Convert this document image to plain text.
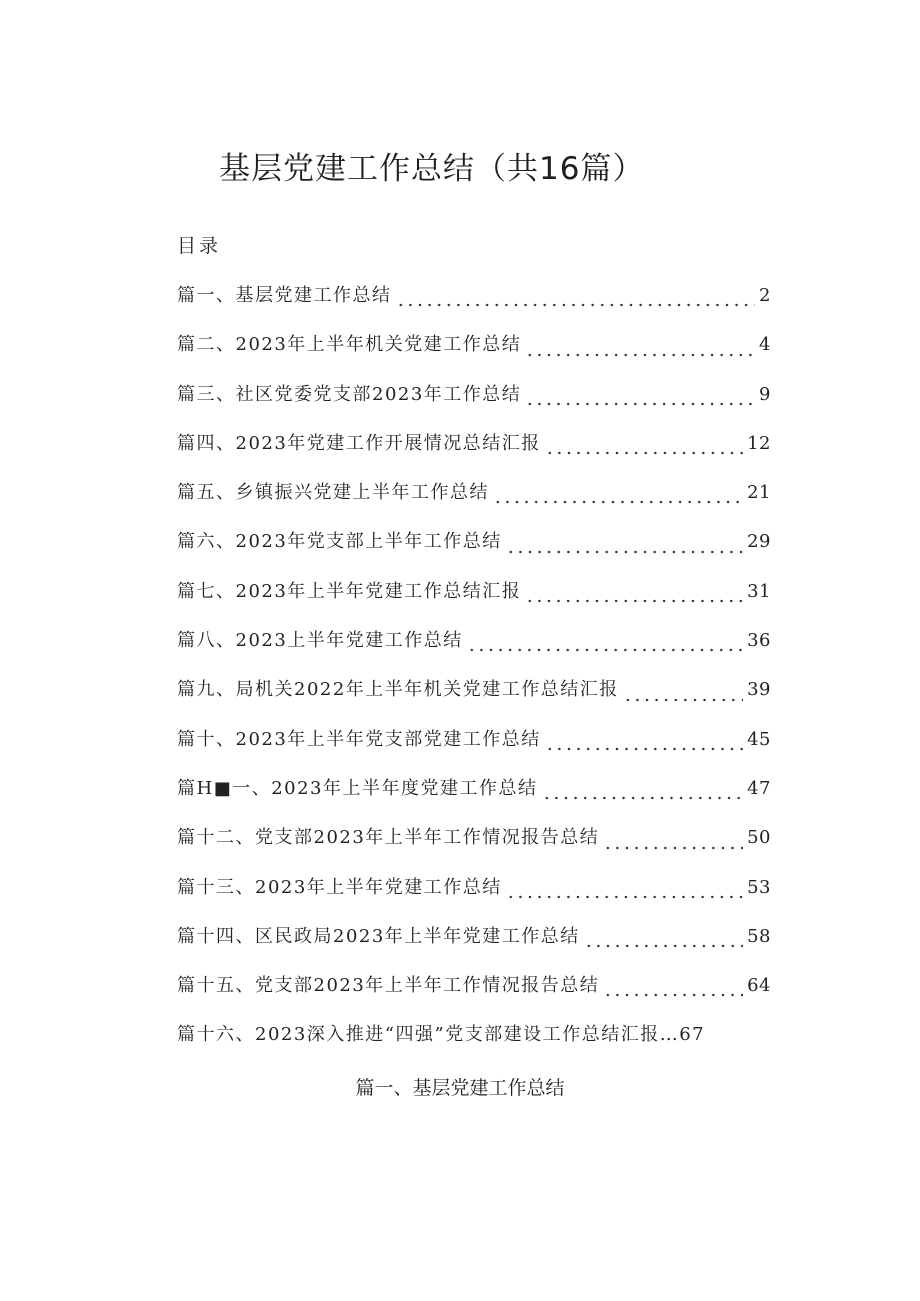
基层党建工作总结（共16篇）
目录
篇一、基层党建工作总结	2
篇二、2023年上半年机关党建工作总结	4
篇三、社区党委党支部2023年工作总结	9
篇四、2023年党建工作开展情况总结汇报	12
篇五、乡镇振兴党建上半年工作总结	21
篇六、2023年党支部上半年工作总结	29
篇七、2023年上半年党建工作总结汇报	31
篇八、2023上半年党建工作总结	36
篇九、局机关2022年上半年机关党建工作总结汇报	39
篇十、2023年上半年党支部党建工作总结	45
篇H■一、2023年上半年度党建工作总结	47
篇十二、党支部2023年上半年工作情况报告总结	50
篇十三、2023年上半年党建工作总结	53
篇十四、区民政局2023年上半年党建工作总结	58
篇十五、党支部2023年上半年工作情况报告总结	64
篇十六、2023深入推进“四强”党支部建设工作总结汇报…67
篇一、基层党建工作总结
